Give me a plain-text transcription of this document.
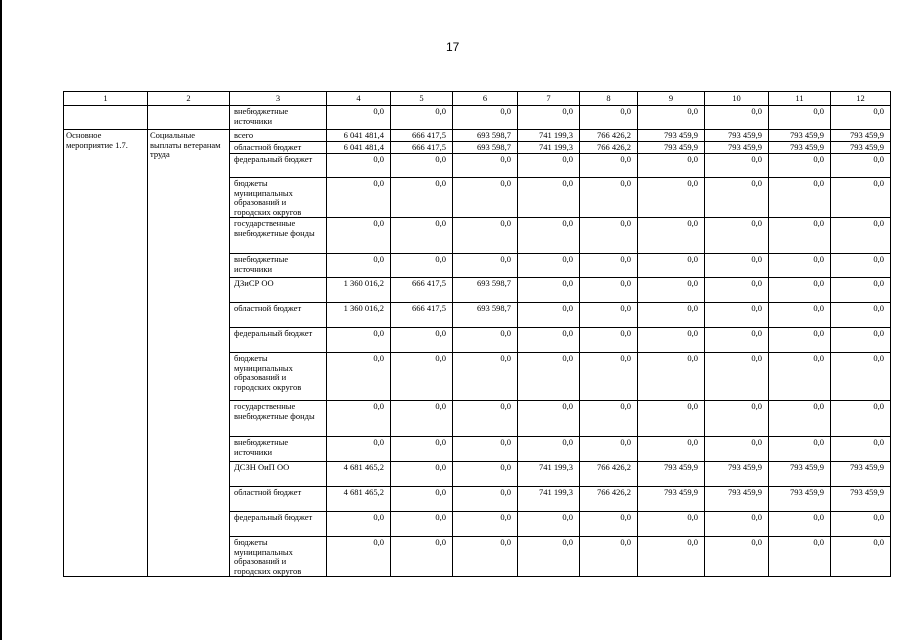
17
1	2	3	4	5	6	7	8	9	10	11	12
		внебюджетные источники	0,0	0,0	0,0	0,0	0,0	0,0	0,0	0,0	0,0
Основное мероприятие 1.7.	Социальные выплаты ветеранам труда	всего	6 041 481,4	666 417,5	693 598,7	741 199,3	766 426,2	793 459,9	793 459,9	793 459,9	793 459,9
		областной бюджет	6 041 481,4	666 417,5	693 598,7	741 199,3	766 426,2	793 459,9	793 459,9	793 459,9	793 459,9
		федеральный бюджет	0,0	0,0	0,0	0,0	0,0	0,0	0,0	0,0	0,0
		бюджеты муниципальных образований и городских округов	0,0	0,0	0,0	0,0	0,0	0,0	0,0	0,0	0,0
		государственные внебюджетные фонды	0,0	0,0	0,0	0,0	0,0	0,0	0,0	0,0	0,0
		внебюджетные источники	0,0	0,0	0,0	0,0	0,0	0,0	0,0	0,0	0,0
		ДЗиСР ОО	1 360 016,2	666 417,5	693 598,7	0,0	0,0	0,0	0,0	0,0	0,0
		областной бюджет	1 360 016,2	666 417,5	693 598,7	0,0	0,0	0,0	0,0	0,0	0,0
		федеральный бюджет	0,0	0,0	0,0	0,0	0,0	0,0	0,0	0,0	0,0
		бюджеты муниципальных образований и городских округов	0,0	0,0	0,0	0,0	0,0	0,0	0,0	0,0	0,0
		государственные внебюджетные фонды	0,0	0,0	0,0	0,0	0,0	0,0	0,0	0,0	0,0
		внебюджетные источники	0,0	0,0	0,0	0,0	0,0	0,0	0,0	0,0	0,0
		ДСЗН ОиП ОО	4 681 465,2	0,0	0,0	741 199,3	766 426,2	793 459,9	793 459,9	793 459,9	793 459,9
		областной бюджет	4 681 465,2	0,0	0,0	741 199,3	766 426,2	793 459,9	793 459,9	793 459,9	793 459,9
		федеральный бюджет	0,0	0,0	0,0	0,0	0,0	0,0	0,0	0,0	0,0
		бюджеты муниципальных образований и городских округов	0,0	0,0	0,0	0,0	0,0	0,0	0,0	0,0	0,0
